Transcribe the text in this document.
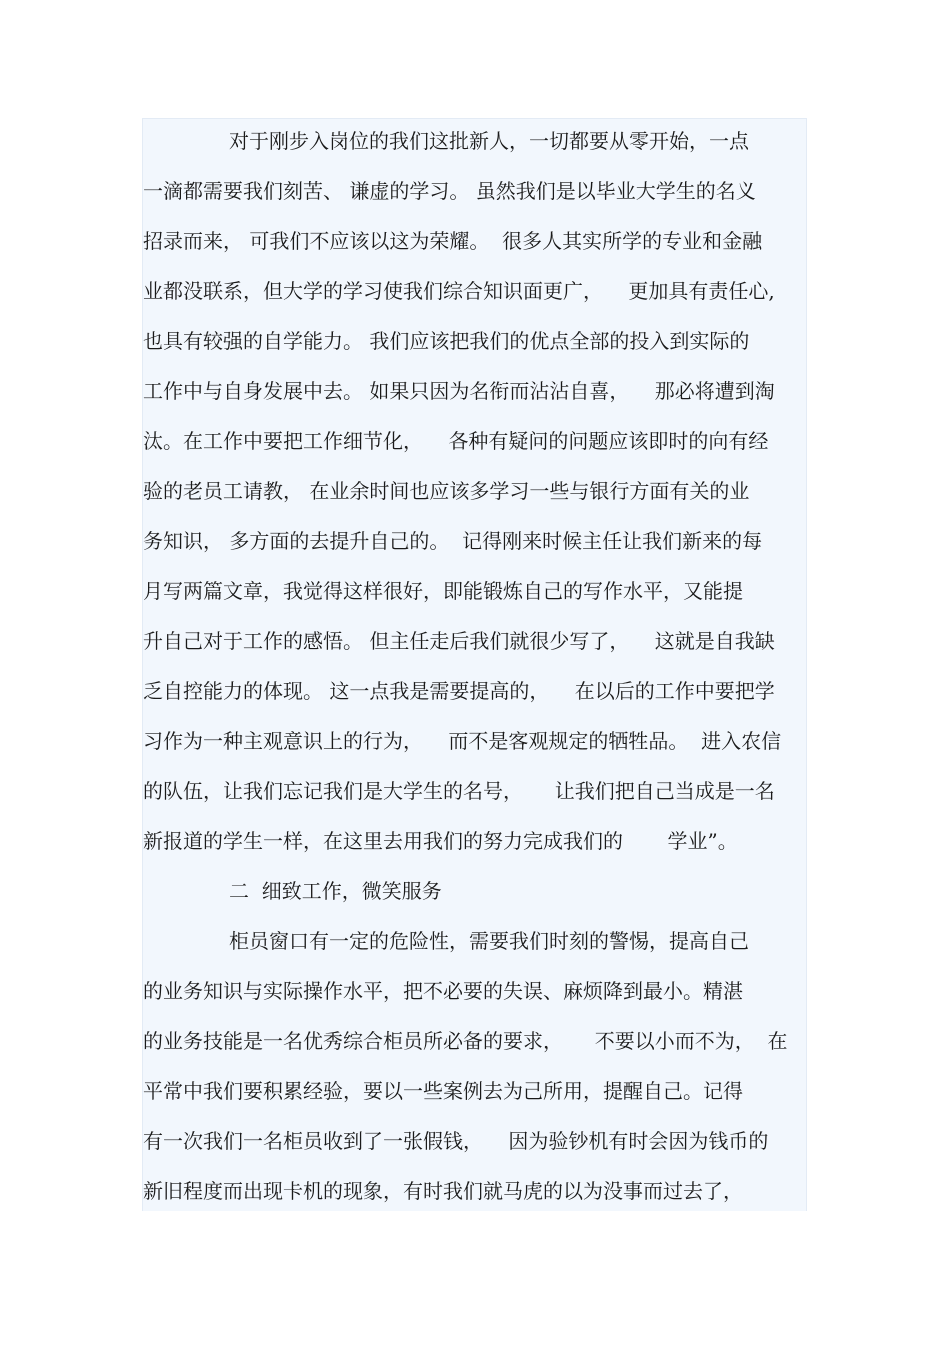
对于刚步入岗位的我们这批新人，一切都要从零开始，一点
一滴都需要我们刻苦、 谦虚的学习。 虽然我们是以毕业大学生的名义
招录而来， 可我们不应该以这为荣耀。  很多人其实所学的专业和金融
业都没联系，但大学的学习使我们综合知识面更广，    更加具有责任心,
也具有较强的自学能力。 我们应该把我们的优点全部的投入到实际的
工作中与自身发展中去。 如果只因为名衔而沾沾自喜，    那必将遭到淘
汰。在工作中要把工作细节化，    各种有疑问的问题应该即时的向有经
验的老员工请教， 在业余时间也应该多学习一些与银行方面有关的业
务知识， 多方面的去提升自己的。  记得刚来时候主任让我们新来的每
月写两篇文章，我觉得这样很好，即能锻炼自己的写作水平，又能提
升自己对于工作的感悟。 但主任走后我们就很少写了，    这就是自我缺
乏自控能力的体现。 这一点我是需要提高的，    在以后的工作中要把学
习作为一种主观意识上的行为，    而不是客观规定的牺牲品。  进入农信
的队伍，让我们忘记我们是大学生的名号，     让我们把自己当成是一名
新报道的学生一样，在这里去用我们的努力完成我们的       学业”。
二  细致工作，微笑服务
柜员窗口有一定的危险性，需要我们时刻的警惕，提高自己
的业务知识与实际操作水平，把不必要的失误、麻烦降到最小。精湛
的业务技能是一名优秀综合柜员所必备的要求，     不要以小而不为，  在
平常中我们要积累经验，要以一些案例去为己所用，提醒自己。记得
有一次我们一名柜员收到了一张假钱，    因为验钞机有时会因为钱币的
新旧程度而出现卡机的现象，有时我们就马虎的以为没事而过去了，
